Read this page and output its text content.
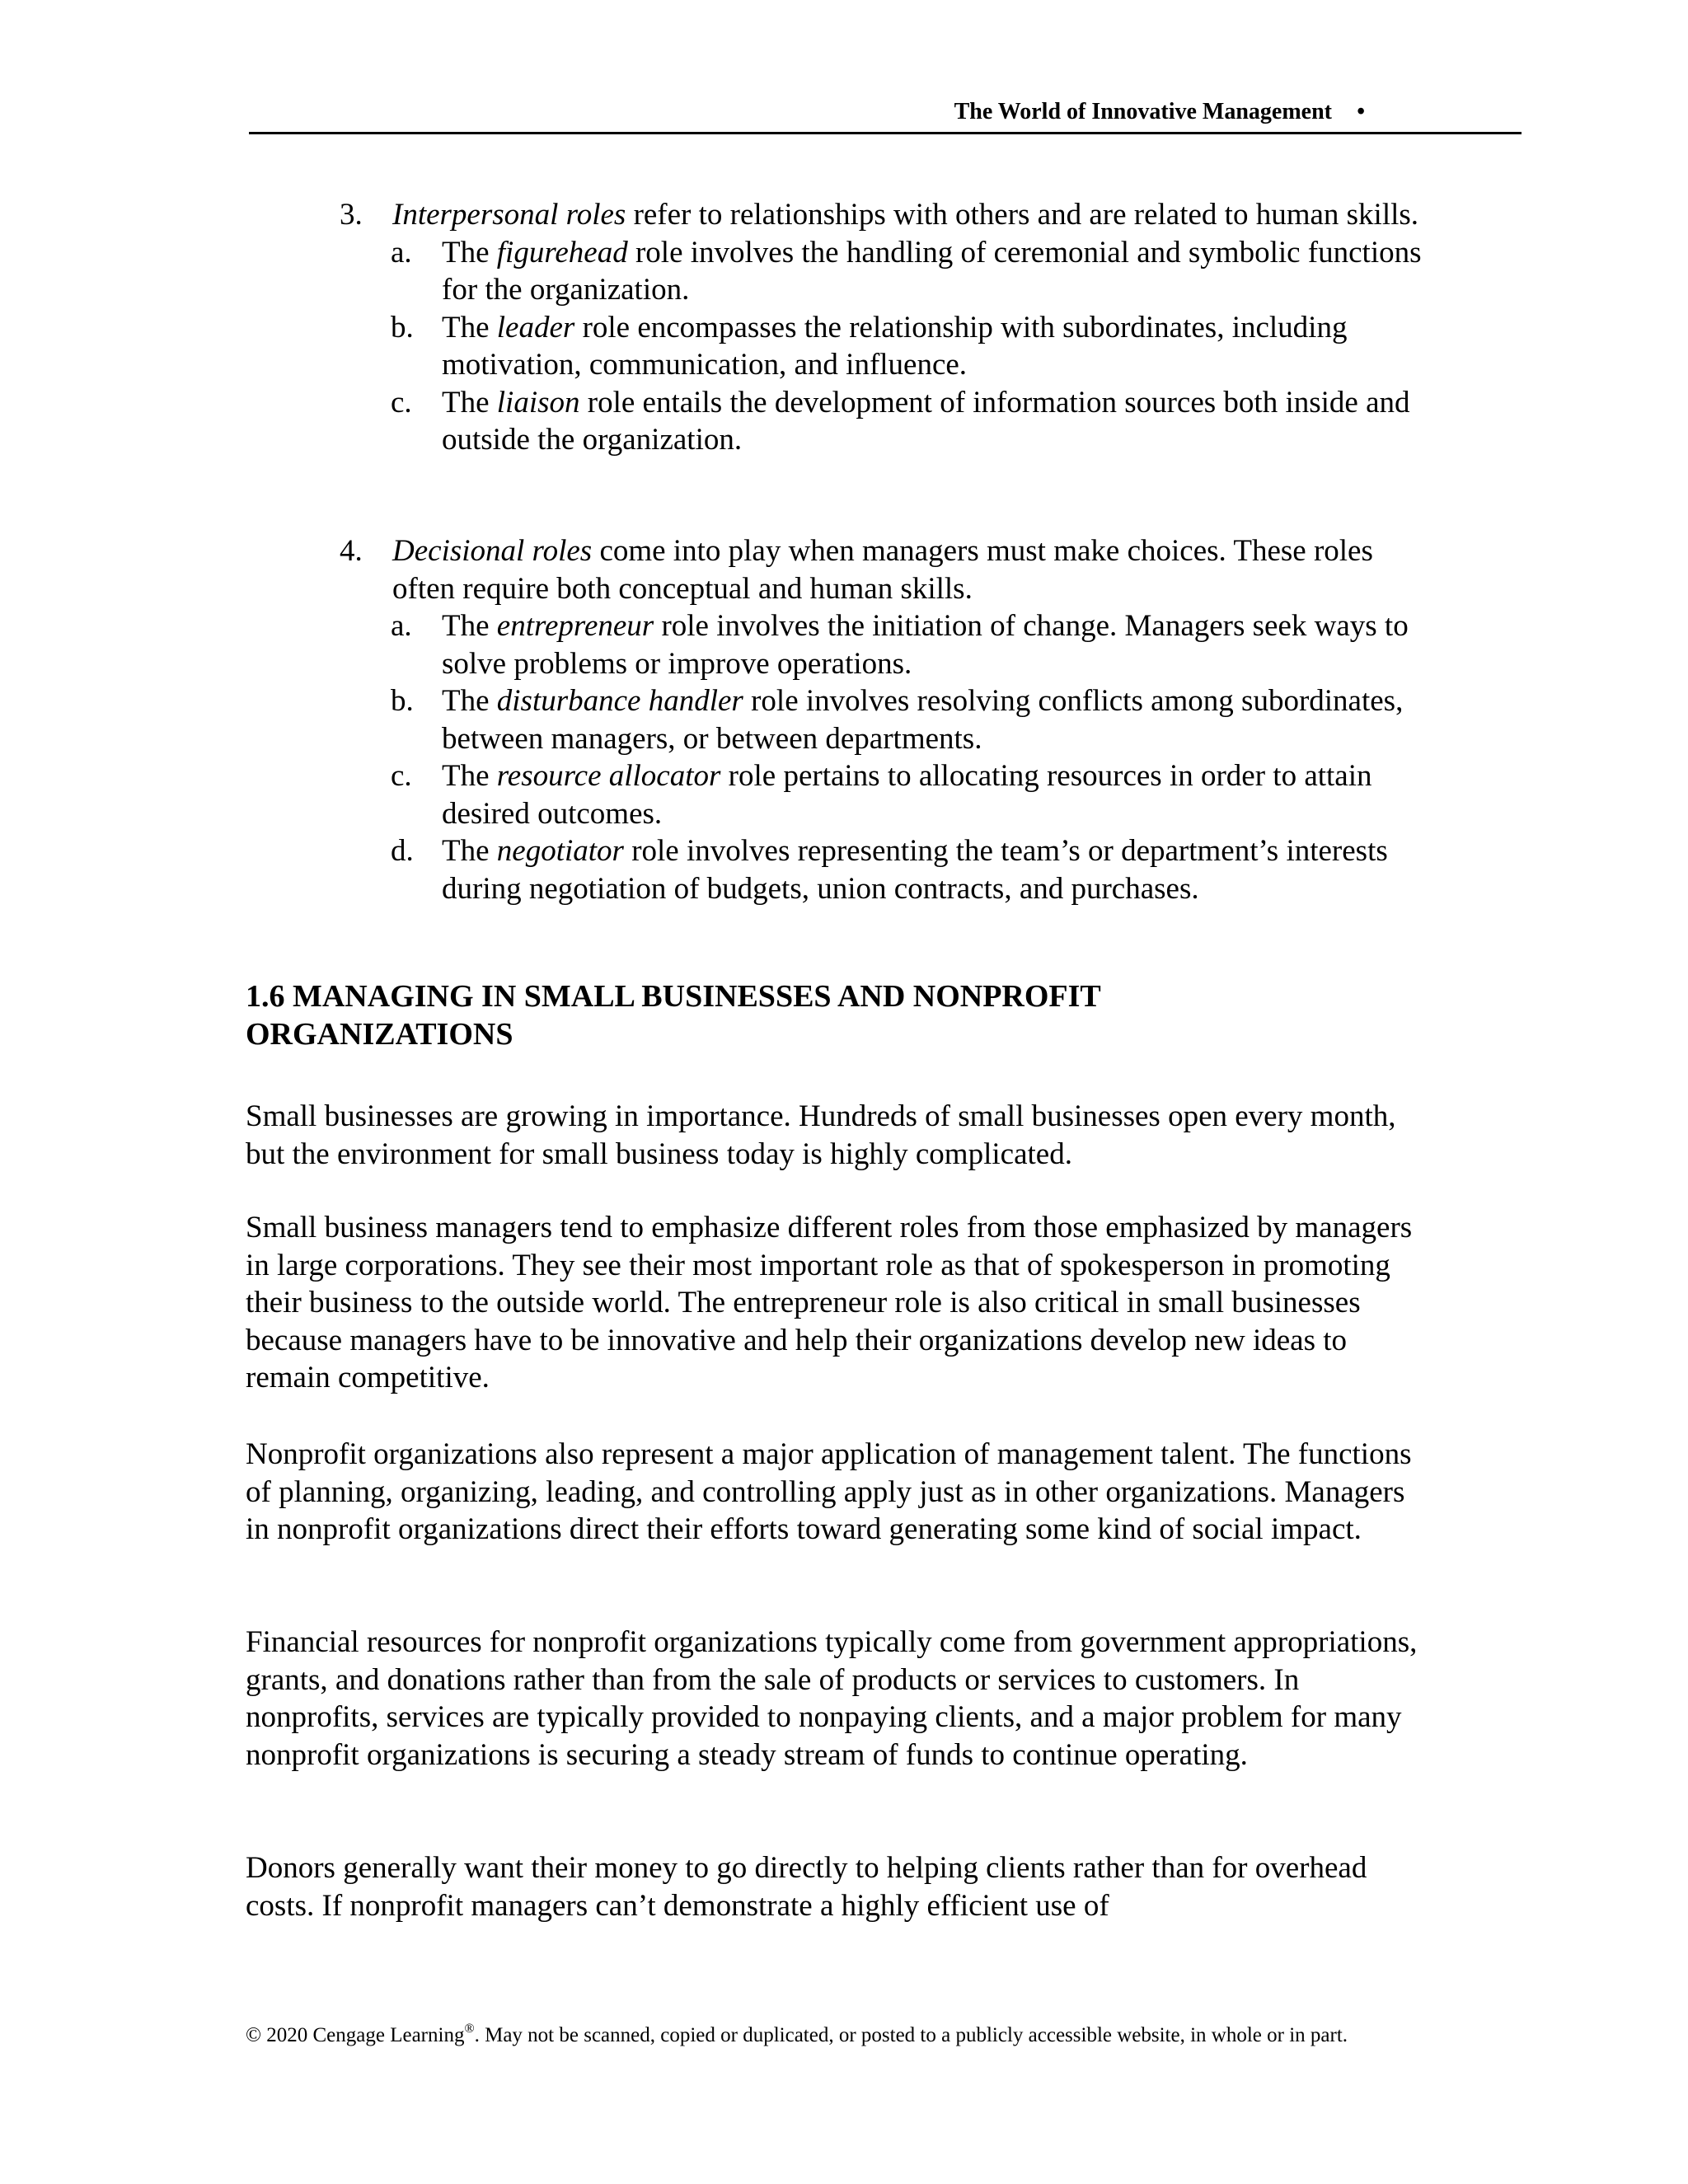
The World of Innovative Management •
3. Interpersonal roles refer to relationships with others and are related to human skills.
a. The figurehead role involves the handling of ceremonial and symbolic functions for the organization.
b. The leader role encompasses the relationship with subordinates, including motivation, communication, and influence.
c. The liaison role entails the development of information sources both inside and outside the organization.
4. Decisional roles come into play when managers must make choices. These roles often require both conceptual and human skills.
a. The entrepreneur role involves the initiation of change. Managers seek ways to solve problems or improve operations.
b. The disturbance handler role involves resolving conflicts among subordinates, between managers, or between departments.
c. The resource allocator role pertains to allocating resources in order to attain desired outcomes.
d. The negotiator role involves representing the team’s or department’s interests during negotiation of budgets, union contracts, and purchases.
1.6 MANAGING IN SMALL BUSINESSES AND NONPROFIT ORGANIZATIONS
Small businesses are growing in importance. Hundreds of small businesses open every month, but the environment for small business today is highly complicated.
Small business managers tend to emphasize different roles from those emphasized by managers in large corporations. They see their most important role as that of spokesperson in promoting their business to the outside world. The entrepreneur role is also critical in small businesses because managers have to be innovative and help their organizations develop new ideas to remain competitive.
Nonprofit organizations also represent a major application of management talent. The functions of planning, organizing, leading, and controlling apply just as in other organizations. Managers in nonprofit organizations direct their efforts toward generating some kind of social impact.
Financial resources for nonprofit organizations typically come from government appropriations, grants, and donations rather than from the sale of products or services to customers. In nonprofits, services are typically provided to nonpaying clients, and a major problem for many nonprofit organizations is securing a steady stream of funds to continue operating.
Donors generally want their money to go directly to helping clients rather than for overhead costs. If nonprofit managers can’t demonstrate a highly efficient use of
© 2020 Cengage Learning®. May not be scanned, copied or duplicated, or posted to a publicly accessible website, in whole or in part.
